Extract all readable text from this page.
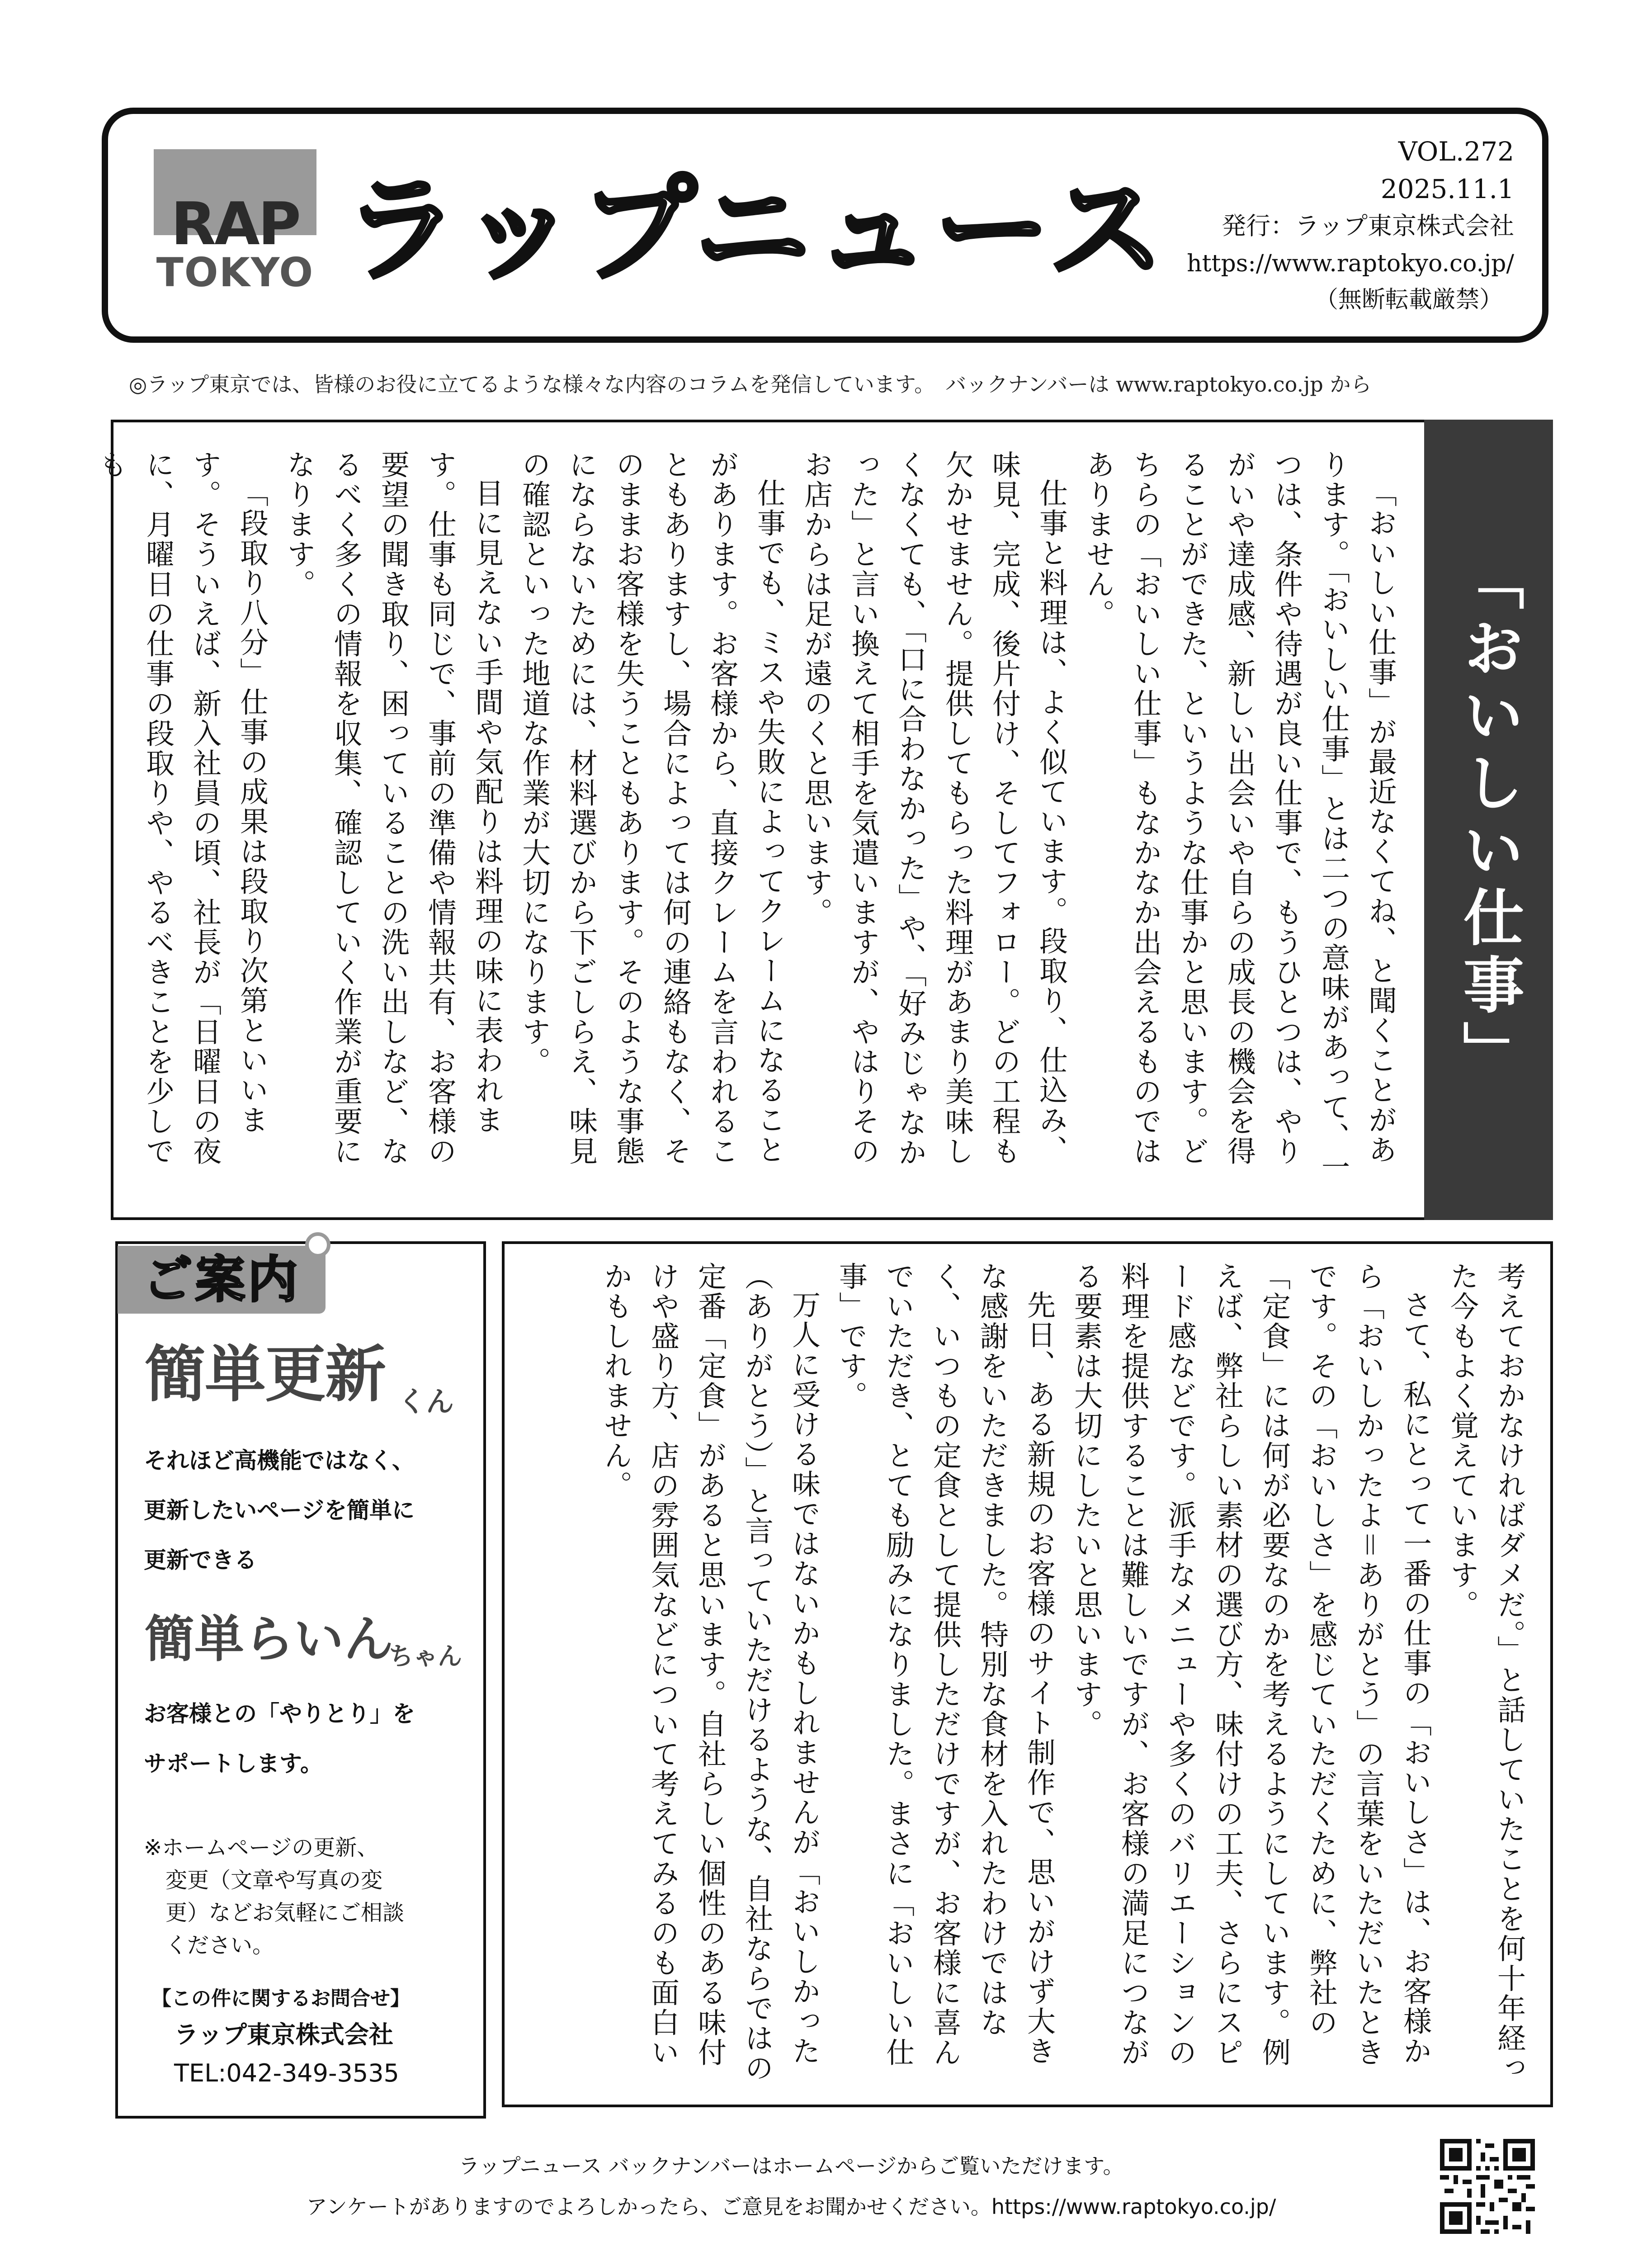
RAP
TOKYO ラップニュース
VOL.272
2025.11.1
発行：ラップ東京株式会社
https://www.raptokyo.co.jp/
（無断転載厳禁）
◎ラップ東京では、皆様のお役に立てるような様々な内容のコラムを発信しています。　バックナンバーは www.raptokyo.co.jp から
「おいしい仕事」

「おいしい仕事」が最近なくてね、と聞くことがあります。「おいしい仕事」とは二つの意味があって、一つは、条件や待遇が良い仕事で、もうひとつは、やりがいや達成感、新しい出会いや自らの成長の機会を得ることができた、というような仕事かと思います。どちらの「おいしい仕事」もなかなか出会えるものではありません。

仕事と料理は、よく似ています。段取り、仕込み、味見、完成、後片付け、そしてフォロー。どの工程も欠かせません。提供してもらった料理があまり美味しくなくても、「口に合わなかった」や、「好みじゃなかった」と言い換えて相手を気遣いますが、やはりそのお店からは足が遠のくと思います。

仕事でも、ミスや失敗によってクレームになることがあります。お客様から、直接クレームを言われることもありますし、場合によっては何の連絡もなく、そのままお客様を失うこともあります。そのような事態にならないためには、材料選びから下ごしらえ、味見の確認といった地道な作業が大切になります。

目に見えない手間や気配りは料理の味に表われます。仕事も同じで、事前の準備や情報共有、お客様の要望の聞き取り、困っていることの洗い出しなど、なるべく多くの情報を収集、確認していく作業が重要になります。

「段取り八分」仕事の成果は段取り次第といいます。そういえば、新入社員の頃、社長が「日曜日の夜に、月曜日の仕事の段取りや、やるべきことを少しでも

考えておかなければダメだ。」と話していたことを何十年経った今もよく覚えています。

さて、私にとって一番の仕事の「おいしさ」は、お客様から「おいしかったよ＝ありがとう」の言葉をいただいたときです。その「おいしさ」を感じていただくために、弊社の「定食」には何が必要なのかを考えるようにしています。例えば、弊社らしい素材の選び方、味付けの工夫、さらにスピード感などです。派手なメニューや多くのバリエーションの料理を提供することは難しいですが、お客様の満足につながる要素は大切にしたいと思います。

先日、ある新規のお客様のサイト制作で、思いがけず大きな感謝をいただきました。特別な食材を入れたわけではなく、いつもの定食として提供しただけですが、お客様に喜んでいただき、とても励みになりました。まさに「おいしい仕事」です。

万人に受ける味ではないかもしれませんが「おいしかった（ありがとう）」と言っていただけるような、自社ならではの定番「定食」があると思います。自社らしい個性のある味付けや盛り方、店の雰囲気などについて考えてみるのも面白いかもしれません。

ご案内
簡単更新 くん
それほど高機能ではなく、
更新したいページを簡単に
更新できる
簡単らいん
ちゃん
お客様との「やりとり」を
サポートします。
※ホームページの更新、
　変更（文章や写真の変
　更）などお気軽にご相談
　ください。
【この件に関するお問合せ】
ラップ東京株式会社
TEL:042-349-3535
ラップニュース バックナンバーはホームページからご覧いただけます。
アンケートがありますのでよろしかったら、ご意見をお聞かせください。https://www.raptokyo.co.jp/
